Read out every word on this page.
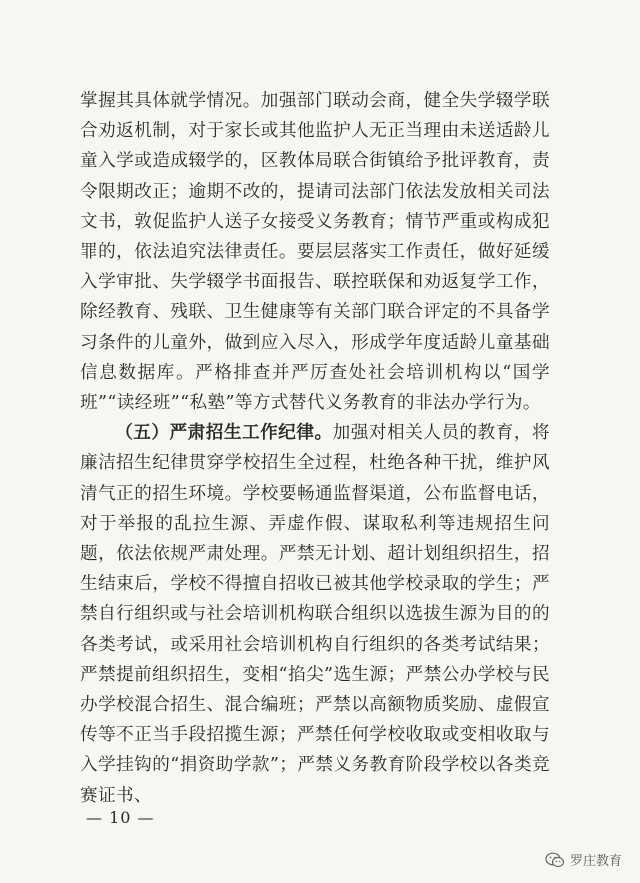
掌握其具体就学情况。加强部门联动会商，健全失学辍学联合劝返机制，对于家长或其他监护人无正当理由未送适龄儿童入学或造成辍学的，区教体局联合街镇给予批评教育，责令限期改正；逾期不改的，提请司法部门依法发放相关司法文书，敦促监护人送子女接受义务教育；情节严重或构成犯罪的，依法追究法律责任。要层层落实工作责任，做好延缓入学审批、失学辍学书面报告、联控联保和劝返复学工作，除经教育、残联、卫生健康等有关部门联合评定的不具备学习条件的儿童外，做到应入尽入，形成学年度适龄儿童基础信息数据库。严格排查并严厉查处社会培训机构以“国学班”“读经班”“私塾”等方式替代义务教育的非法办学行为。

（五）严肃招生工作纪律。加强对相关人员的教育，将廉洁招生纪律贯穿学校招生全过程，杜绝各种干扰，维护风清气正的招生环境。学校要畅通监督渠道，公布监督电话，对于举报的乱拉生源、弄虚作假、谋取私利等违规招生问题，依法依规严肃处理。严禁无计划、超计划组织招生，招生结束后，学校不得擅自招收已被其他学校录取的学生；严禁自行组织或与社会培训机构联合组织以选拔生源为目的的各类考试，或采用社会培训机构自行组织的各类考试结果；严禁提前组织招生，变相“掐尖”选生源；严禁公办学校与民办学校混合招生、混合编班；严禁以高额物质奖励、虚假宣传等不正当手段招揽生源；严禁任何学校收取或变相收取与入学挂钩的“捐资助学款”；严禁义务教育阶段学校以各类竞赛证书、

— 10 —
罗庄教育
